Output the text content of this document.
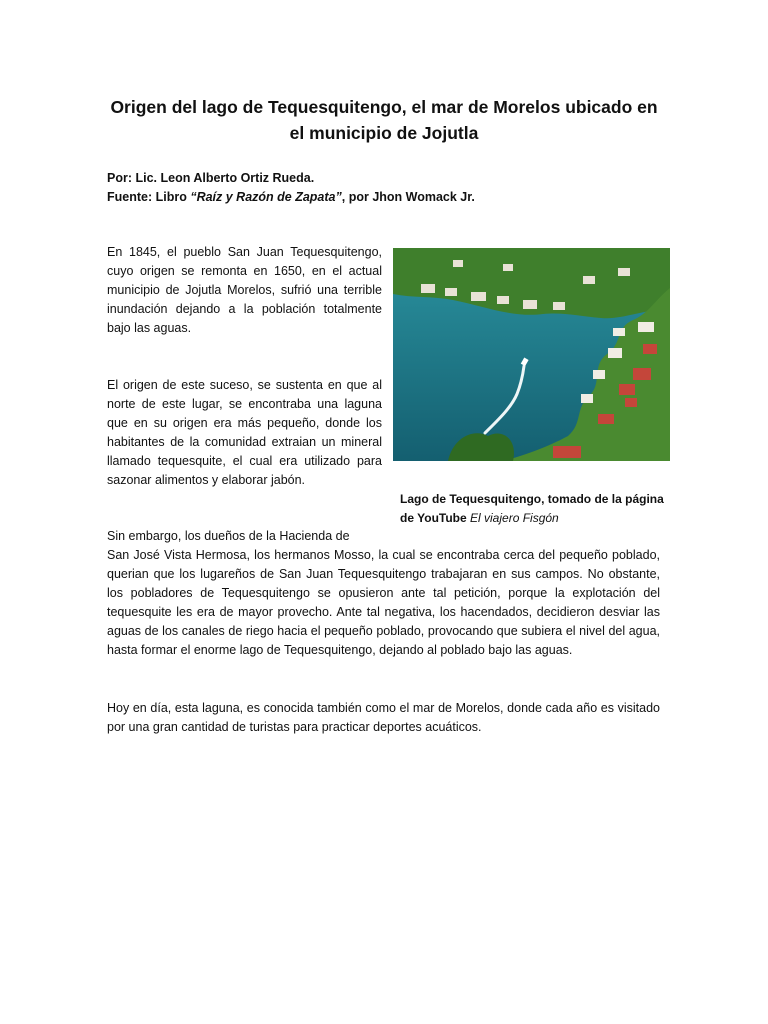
Origen del lago de Tequesquitengo, el mar de Morelos ubicado en el municipio de Jojutla
Por: Lic. Leon Alberto Ortiz Rueda.
Fuente: Libro “Raíz y Razón de Zapata”, por Jhon Womack Jr.

En 1845, el pueblo San Juan Tequesquitengo, cuyo origen se remonta en 1650, en el actual municipio de Jojutla Morelos, sufrió una terrible inundación dejando a la población totalmente bajo las aguas.

El origen de este suceso, se sustenta en que al norte de este lugar, se encontraba una laguna que en su origen era más pequeño, donde los habitantes de la comunidad extraian un mineral llamado tequesquite, el cual era utilizado para sazonar alimentos y elaborar jabón.

Lago de Tequesquitengo, tomado de la página de YouTube El viajero Fisgón

Sin embargo, los dueños de la Hacienda de
San José Vista Hermosa, los hermanos Mosso, la cual se encontraba cerca del pequeño poblado, querian que los lugareños de San Juan Tequesquitengo trabajaran en sus campos. No obstante, los pobladores de Tequesquitengo se opusieron ante tal petición, porque la explotación del tequesquite les era de mayor provecho. Ante tal negativa, los hacendados, decidieron desviar las aguas de los canales de riego hacia el pequeño poblado, provocando que subiera el nivel del agua, hasta formar el enorme lago de Tequesquitengo, dejando al poblado bajo las aguas.

Hoy en día, esta laguna, es conocida también como el mar de Morelos, donde cada año es visitado por una gran cantidad de turistas para practicar deportes acuáticos.
